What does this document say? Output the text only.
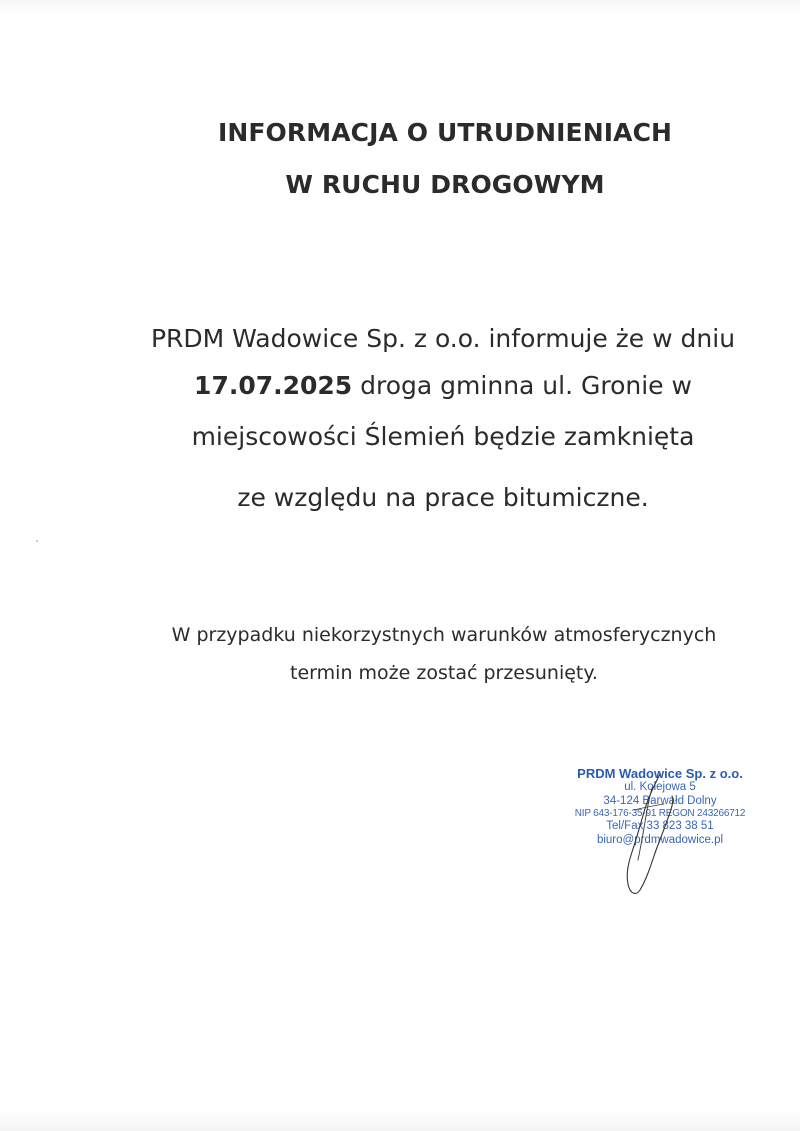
INFORMACJA O UTRUDNIENIACH
W RUCHU DROGOWYM
PRDM Wadowice Sp. z o.o. informuje że w dniu
17.07.2025 droga gminna ul. Gronie w
miejscowości Ślemień będzie zamknięta
ze względu na prace bitumiczne.
W przypadku niekorzystnych warunków atmosferycznych
termin może zostać przesunięty.
PRDM Wadowice Sp. z o.o.
ul. Kolejowa 5
34-124 Barwałd Dolny
NIP 643-176-35-91 REGON 243266712
Tel/Fax 33 823 38 51
biuro@prdmwadowice.pl
